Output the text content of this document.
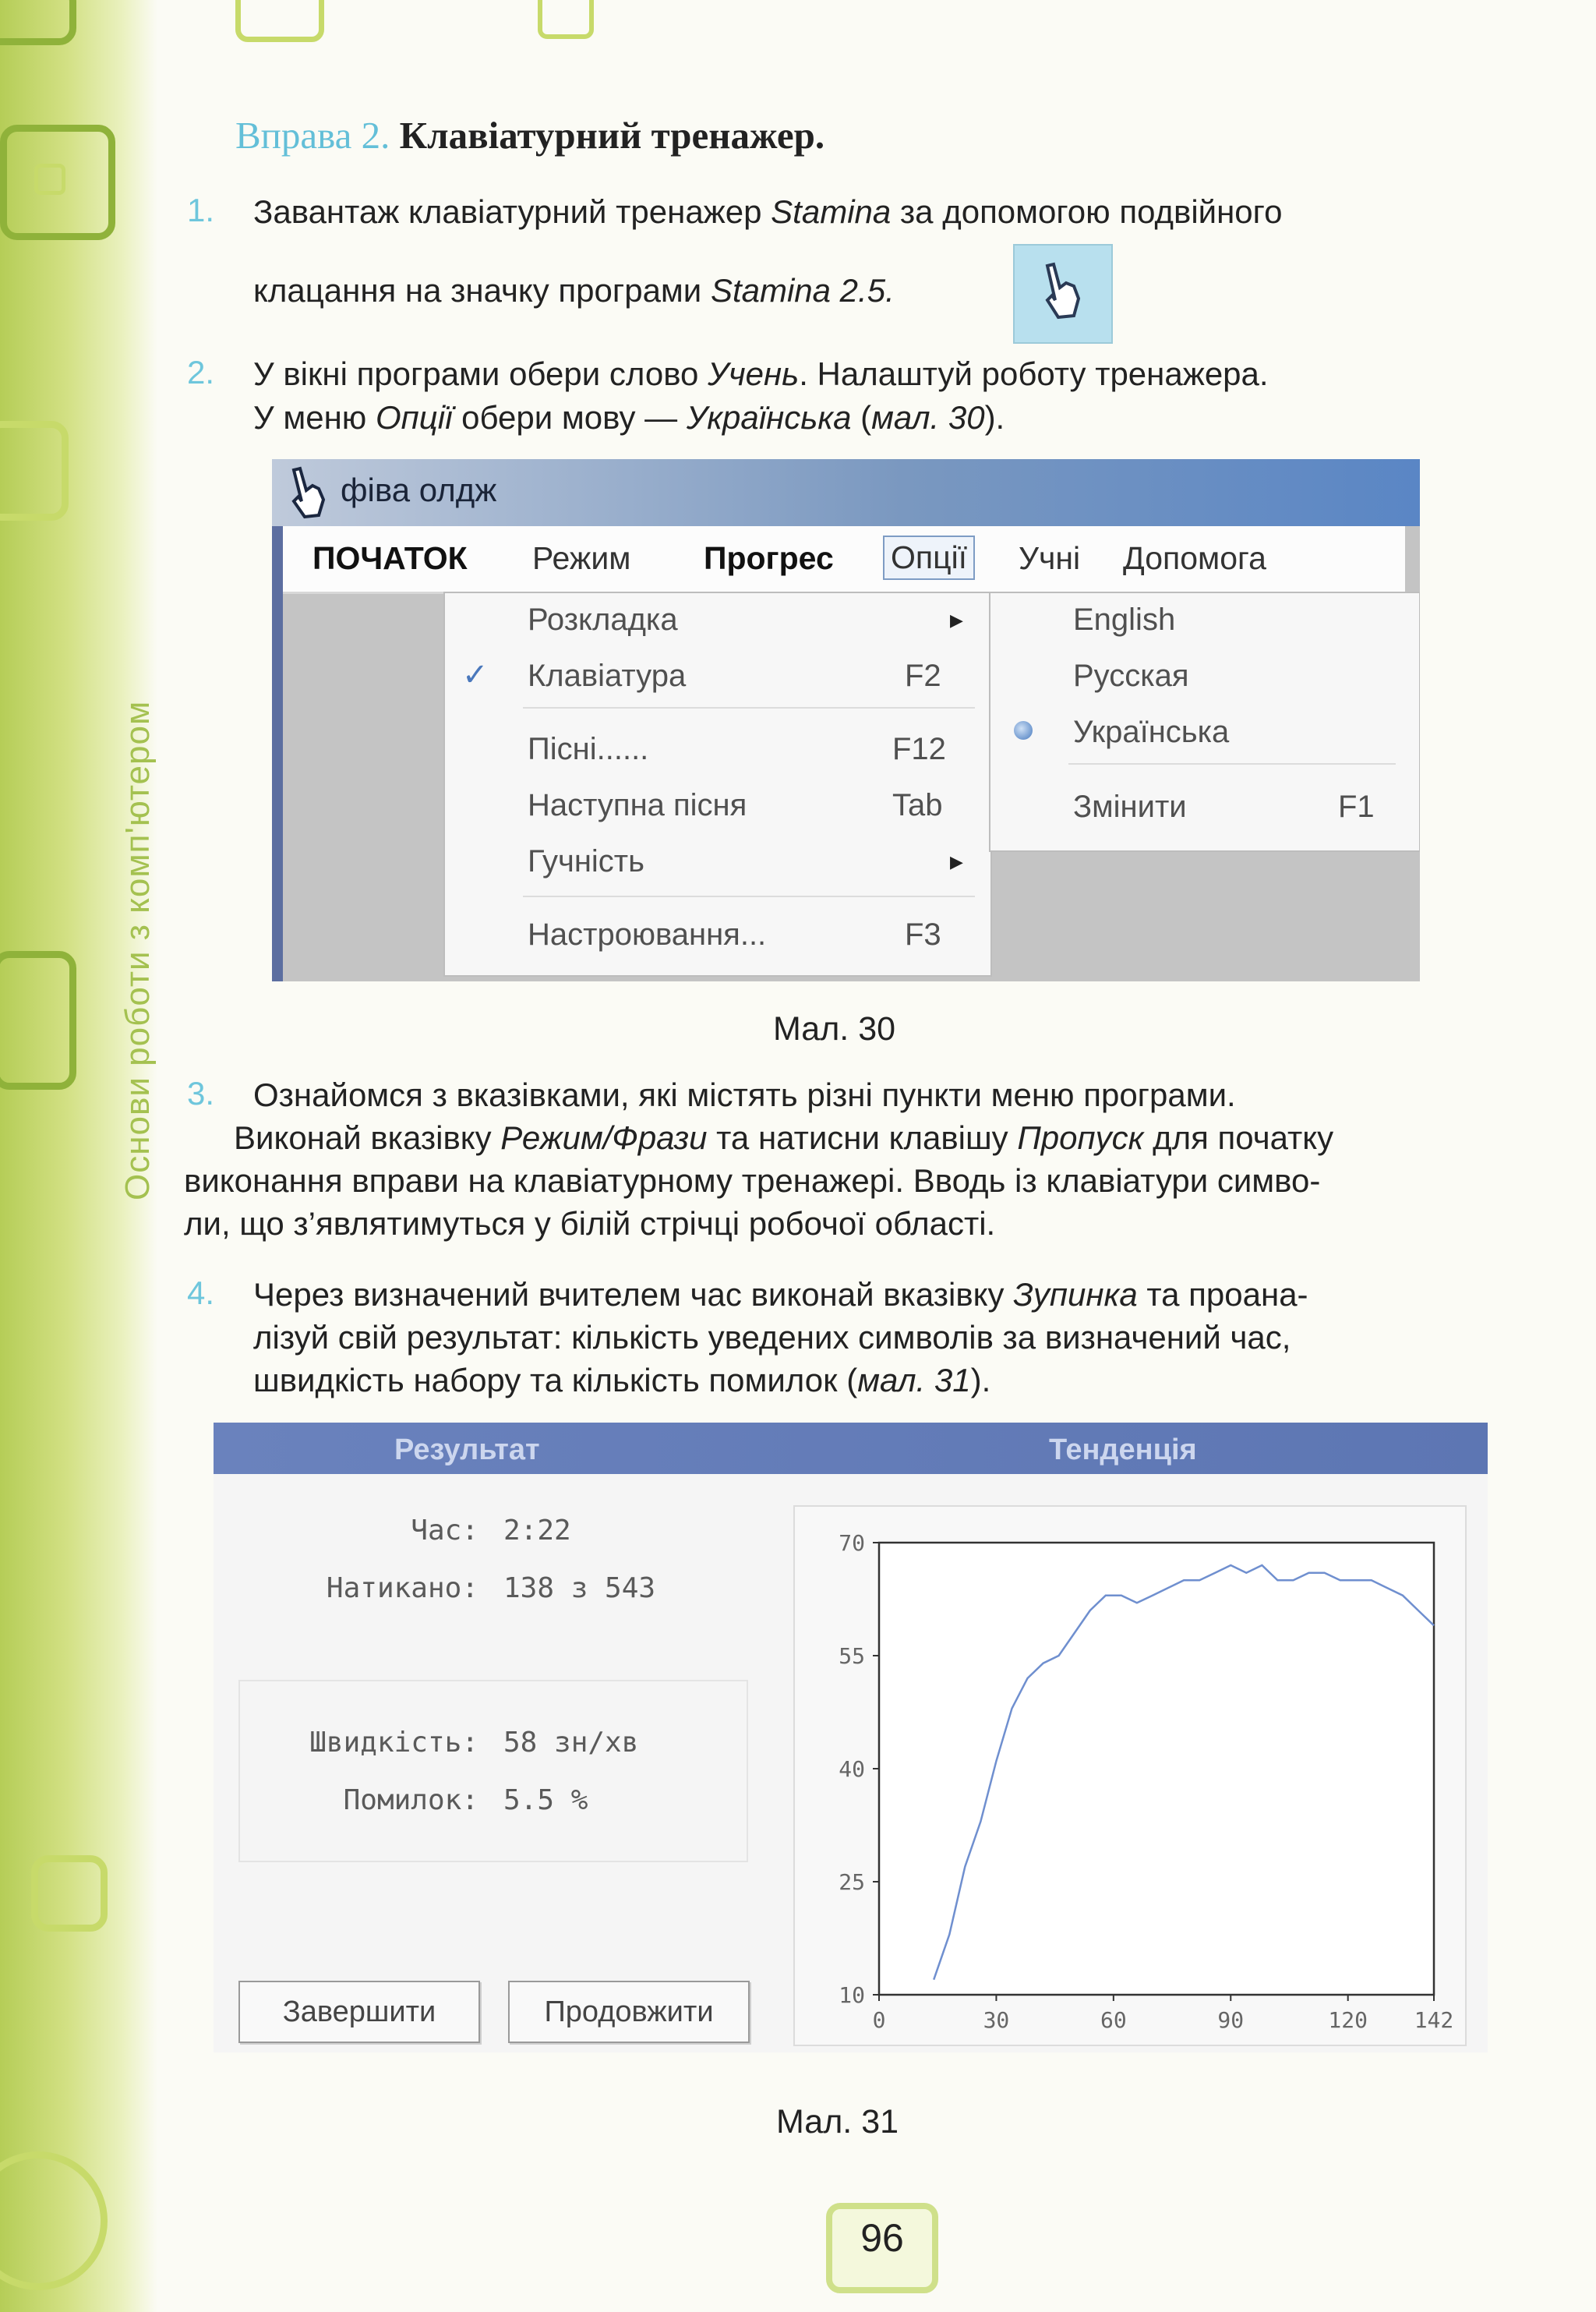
Основи роботи з комп'ютером
Вправа 2. Клавіатурний тренажер.
1. Завантаж клавіатурний тренажер Stamina за допомогою подвійного
клацання на значку програми Stamina 2.5.
2. У вікні програми обери слово Учень. Налаштуй роботу тренажера.
У меню Опції обери мову — Українська (мал. 30).
фіва олдж
ПОЧАТОК Режим Прогрес Опції Учні Допомога
Розкладка	▶
✓ Клавіатура	F2
Пісні......	F12
Наступна пісня	Tab
Гучність	▶
Настроювання...	F3
English
Русская
Українська
Змінити	F1
Мал. 30
3. Ознайомся з вказівками, які містять різні пункти меню програми.
Виконай вказівку Режим/Фрази та натисни клавішу Пропуск для початку
виконання вправи на клавіатурному тренажері. Вводь із клавіатури симво-
ли, що з’являтимуться у білій стрічці робочої області.
4. Через визначений вчителем час виконай вказівку Зупинка та проана-
лізуй свій результат: кількість уведених символів за визначений час,
швидкість набору та кількість помилок (мал. 31).
Результат	Тенденція
Час: 2:22
Натикано: 138 з 543
Швидкість: 58 зн/хв
Помилок: 5.5 %
Завершити	Продовжити
10
25
40
55
70
0	30	60	90	120 142
Мал. 31
96
